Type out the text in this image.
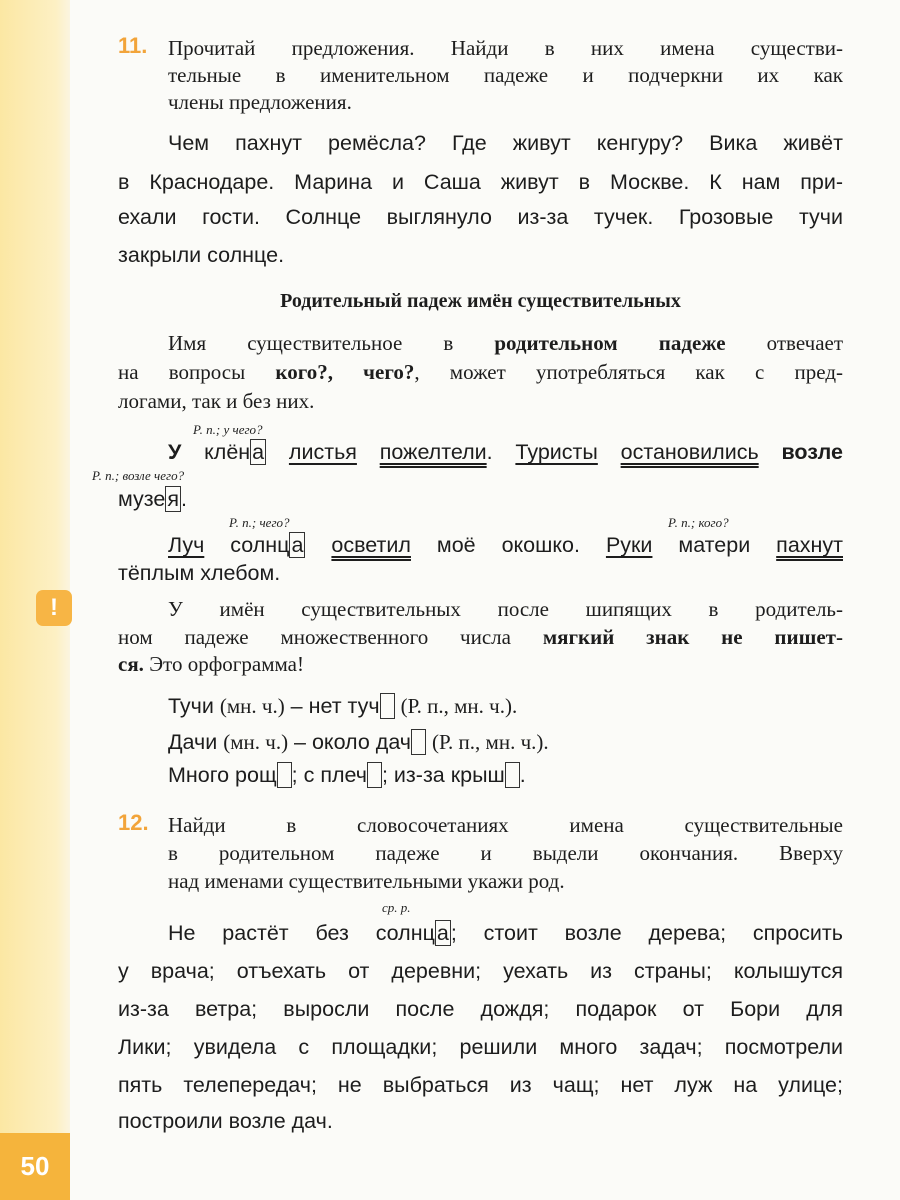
!
50
11.
12.
Родительный падеж имён существительных
Р. п.; у чего?
Р. п.; возле чего?
Р. п.; чего?	Р. п.; кого?
ср. р.
Прочитай предложения. Найди в них имена существи-
тельные в именительном падеже и подчеркни их как
члены предложения.
Чем пахнут ремёсла? Где живут кенгуру? Вика живёт
в Краснодаре. Марина и Саша живут в Москве. К нам при-
ехали гости. Солнце выглянуло из-за тучек. Грозовые тучи
закрыли солнце.
Имя существительное в родительном падеже отвечает
на вопросы кого?, чего?, может употребляться как с пред-
логами, так и без них.
У клёна листья пожелтели. Туристы остановились возле
музея.
Луч солнца осветил моё окошко. Руки матери пахнут
тёплым хлебом.
У имён существительных после шипящих в родитель-
ном падеже множественного числа мягкий знак не пишет-
ся. Это орфограмма!
Тучи (мн. ч.) – нет туч (Р. п., мн. ч.).
Дачи (мн. ч.) – около дач (Р. п., мн. ч.).
Много рощ ; с плеч ; из-за крыш .
Найди в словосочетаниях имена существительные
в родительном падеже и выдели окончания. Вверху
над именами существительными укажи род.
Не растёт без солнца; стоит возле дерева; спросить
у врача; отъехать от деревни; уехать из страны; колышутся
из-за ветра; выросли после дождя; подарок от Бори для
Лики; увидела с площадки; решили много задач; посмотрели
пять телепередач; не выбраться из чащ; нет луж на улице;
построили возле дач.
